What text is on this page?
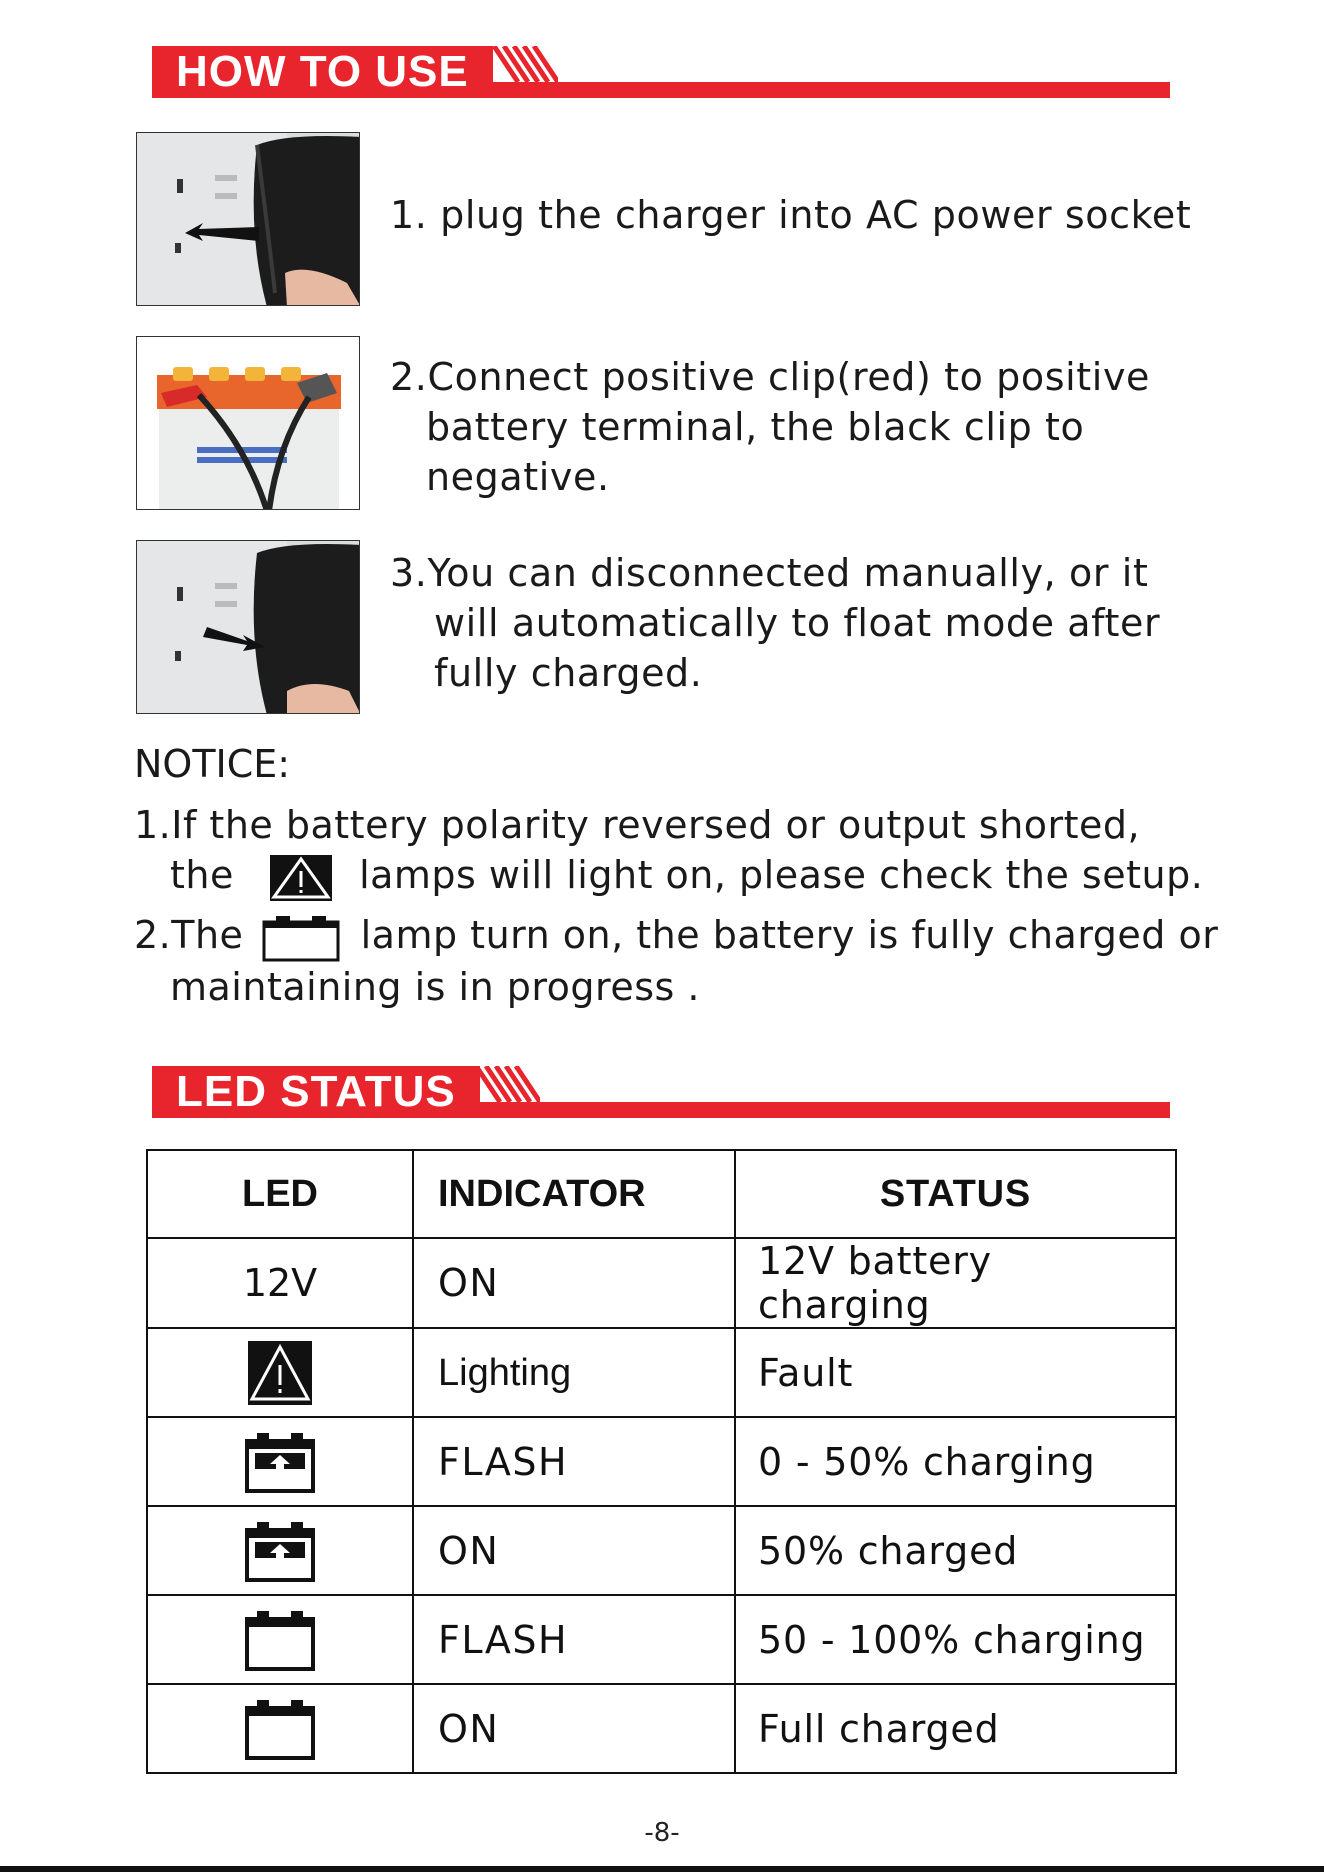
HOW TO USE
1. plug the charger into AC power socket
2.Connect positive clip(red) to positive
battery terminal, the black clip to
negative.
3.You can disconnected manually, or it
will automatically to float mode after
fully charged.
NOTICE:
1.If the battery polarity reversed or output shorted,
the	lamps will light on, please check the setup.
2.The	lamp turn on, the battery is fully charged or
maintaining is in progress .
LED STATUS
LED	INDICATOR	STATUS
12V	ON	12V battery charging
	Lighting	Fault
	FLASH	0 - 50% charging
	ON	50% charged
	FLASH	50 - 100% charging
	ON	Full charged
-8-
